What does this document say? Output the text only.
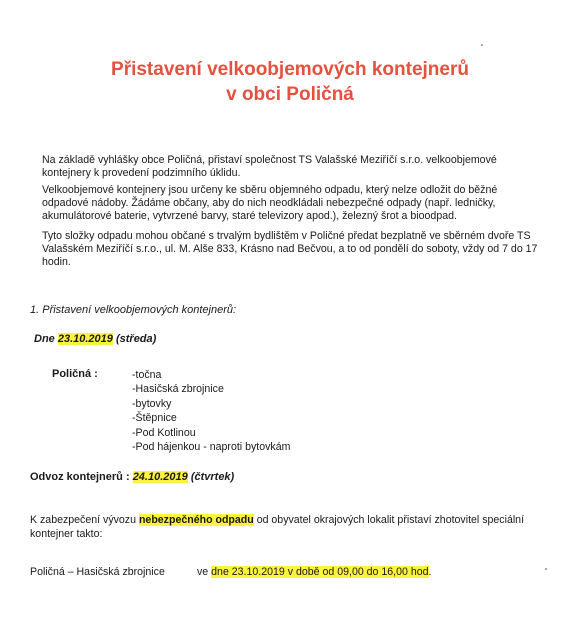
Přistavení velkoobjemových kontejnerů
v obci Poličná

Na základě vyhlášky obce Poličná, přistaví společnost TS Valašské Meziříčí s.r.o. velkoobjemové kontejnery k provedení podzimního úklidu.

Velkoobjemové kontejnery jsou určeny ke sběru objemného odpadu, který nelze odložit do běžné odpadové nádoby. Žádáme občany, aby do nich neodkládali nebezpečné odpady (např. ledničky, akumulátorové baterie, vytvrzené barvy, staré televizory apod.), železný šrot a bioodpad.

Tyto složky odpadu mohou občané s trvalým bydlištěm v Poličné předat bezplatně ve sběrném dvoře TS Valašském Meziříčí s.r.o., ul. M. Alše 833, Krásno nad Bečvou, a to od pondělí do soboty, vždy od 7 do 17 hodin.

1. Přistavení velkoobjemových kontejnerů:
Dne 23.10.2019 (středa)
Poličná :	-točna
-Hasičská zbrojnice
-bytovky
-Štěpnice
-Pod Kotlinou
-Pod hájenkou - naproti bytovkám
Odvoz kontejnerů : 24.10.2019 (čtvrtek)

K zabezpečení vývozu nebezpečného odpadu od obyvatel okrajových lokalit přistaví zhotovitel speciální kontejner takto:

Poličná – Hasičská zbrojnice	ve dne 23.10.2019 v době od 09,00 do 16,00 hod.
